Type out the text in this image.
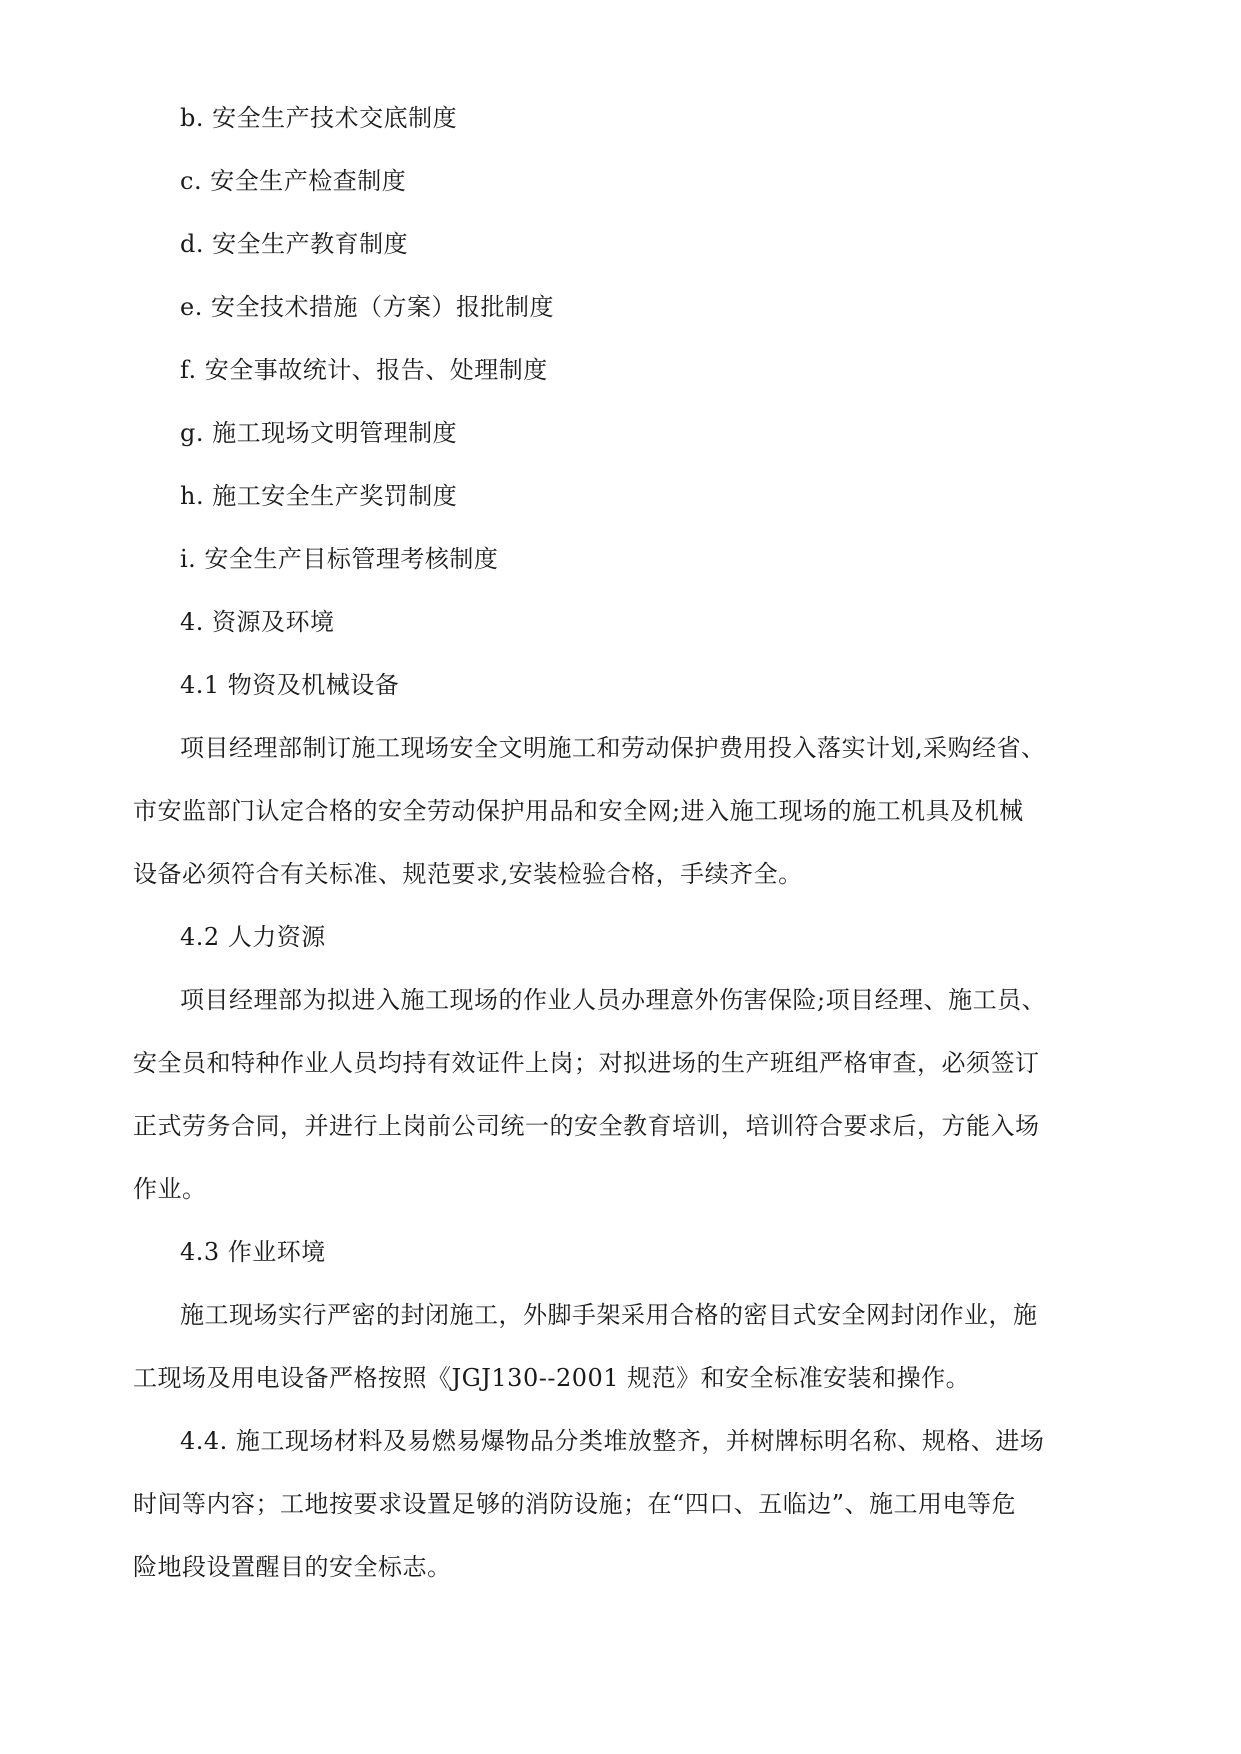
b. 安全生产技术交底制度
c. 安全生产检查制度
d. 安全生产教育制度
e. 安全技术措施（方案）报批制度
f. 安全事故统计、报告、处理制度
g. 施工现场文明管理制度
h. 施工安全生产奖罚制度
i. 安全生产目标管理考核制度
4. 资源及环境
4.1 物资及机械设备
项目经理部制订施工现场安全文明施工和劳动保护费用投入落实计划,采购经省、
市安监部门认定合格的安全劳动保护用品和安全网;进入施工现场的施工机具及机械
设备必须符合有关标准、规范要求,安装检验合格，手续齐全。
4.2 人力资源
项目经理部为拟进入施工现场的作业人员办理意外伤害保险;项目经理、施工员、
安全员和特种作业人员均持有效证件上岗；对拟进场的生产班组严格审查，必须签订
正式劳务合同，并进行上岗前公司统一的安全教育培训，培训符合要求后，方能入场
作业。
4.3 作业环境
施工现场实行严密的封闭施工，外脚手架采用合格的密目式安全网封闭作业，施
工现场及用电设备严格按照《JGJ130--2001 规范》和安全标准安装和操作。
4.4. 施工现场材料及易燃易爆物品分类堆放整齐，并树牌标明名称、规格、进场
时间等内容；工地按要求设置足够的消防设施；在“四口、五临边”、施工用电等危
险地段设置醒目的安全标志。
